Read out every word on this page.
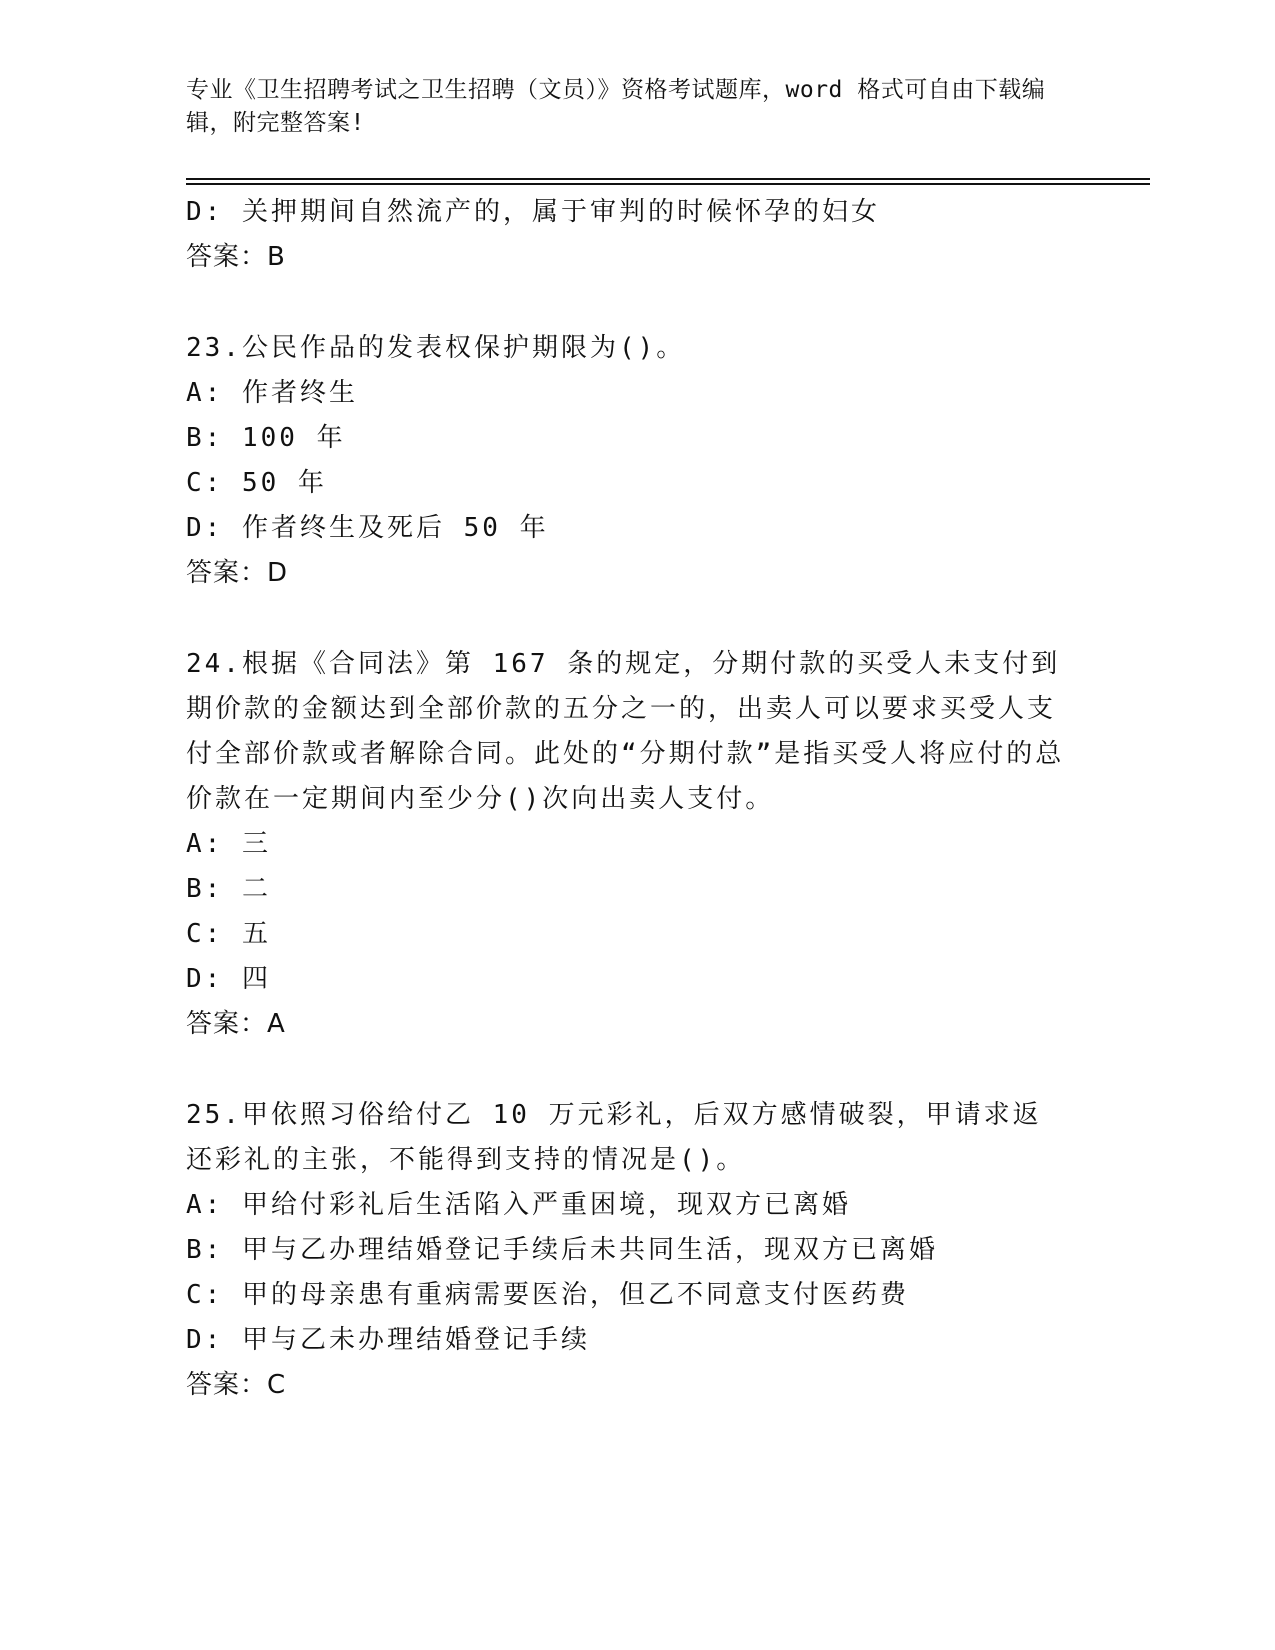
专业《卫生招聘考试之卫生招聘（文员）》资格考试题库，word 格式可自由下载编辑，附完整答案!
D: 关押期间自然流产的，属于审判的时候怀孕的妇女
答案：B
23.公民作品的发表权保护期限为()。
A: 作者终生
B: 100 年
C: 50 年
D: 作者终生及死后 50 年
答案：D
24.根据《合同法》第 167 条的规定，分期付款的买受人未支付到期价款的金额达到全部价款的五分之一的，出卖人可以要求买受人支付全部价款或者解除合同。此处的“分期付款”是指买受人将应付的总价款在一定期间内至少分()次向出卖人支付。
A: 三
B: 二
C: 五
D: 四
答案：A
25.甲依照习俗给付乙 10 万元彩礼，后双方感情破裂，甲请求返还彩礼的主张，不能得到支持的情况是()。
A: 甲给付彩礼后生活陷入严重困境，现双方已离婚
B: 甲与乙办理结婚登记手续后未共同生活，现双方已离婚
C: 甲的母亲患有重病需要医治，但乙不同意支付医药费
D: 甲与乙未办理结婚登记手续
答案：C
